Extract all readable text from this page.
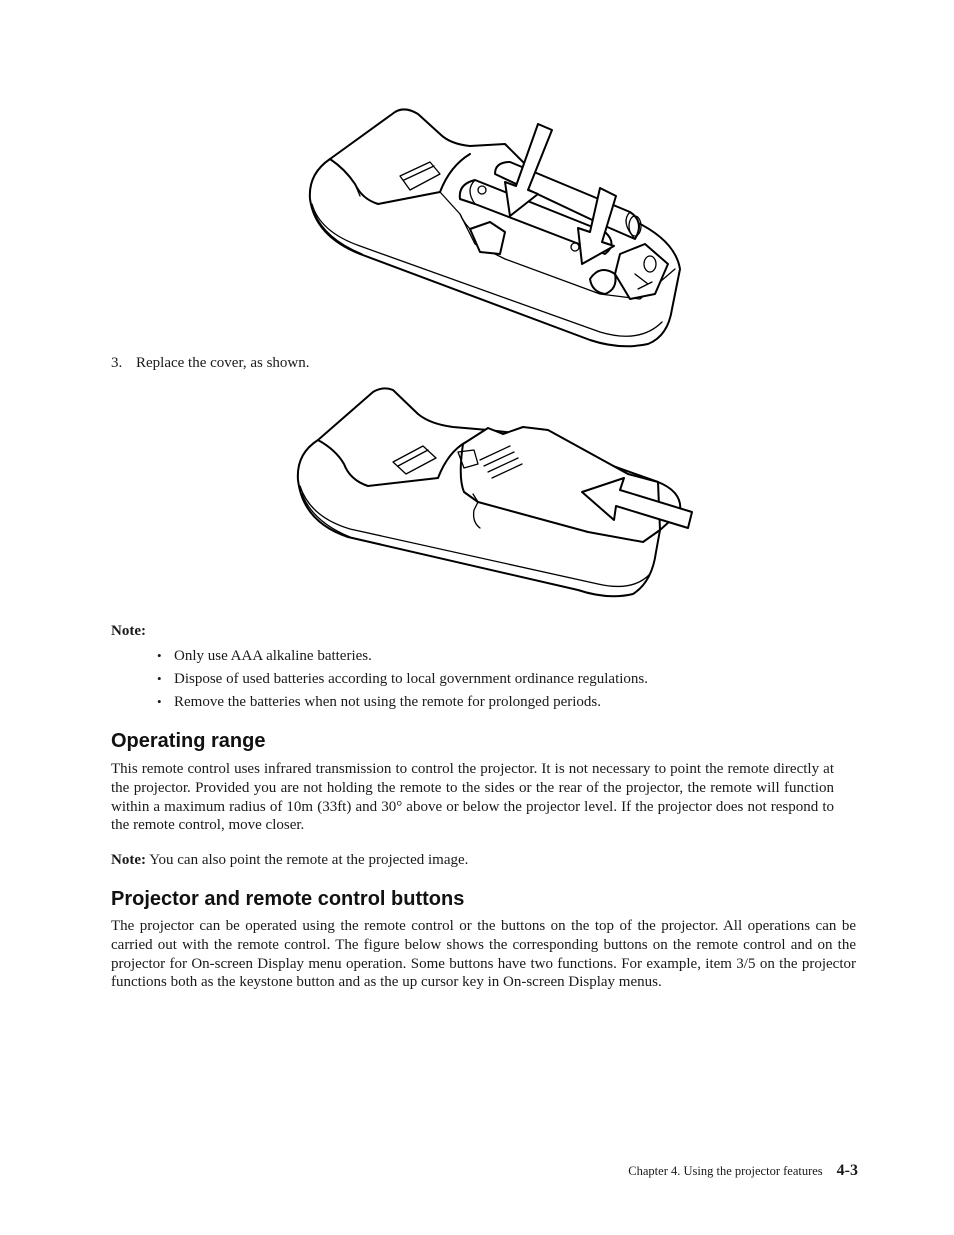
3. Replace the cover, as shown.

Note:

• Only use AAA alkaline batteries.
• Dispose of used batteries according to local government ordinance regulations.
• Remove the batteries when not using the remote for prolonged periods.
Operating range

This remote control uses infrared transmission to control the projector. It is not necessary to point the remote directly at the projector. Provided you are not holding the remote to the sides or the rear of the projector, the remote will function within a maximum radius of 10m (33ft) and 30° above or below the projector level. If the projector does not respond to the remote control, move closer.

Note: You can also point the remote at the projected image.

Projector and remote control buttons

The projector can be operated using the remote control or the buttons on the top of the projector. All operations can be carried out with the remote control. The figure below shows the corresponding buttons on the remote control and on the projector for On-screen Display menu operation. Some buttons have two functions. For example, item 3/5 on the projector functions both as the keystone button and as the up cursor key in On-screen Display menus.

Chapter 4. Using the projector features 4-3
